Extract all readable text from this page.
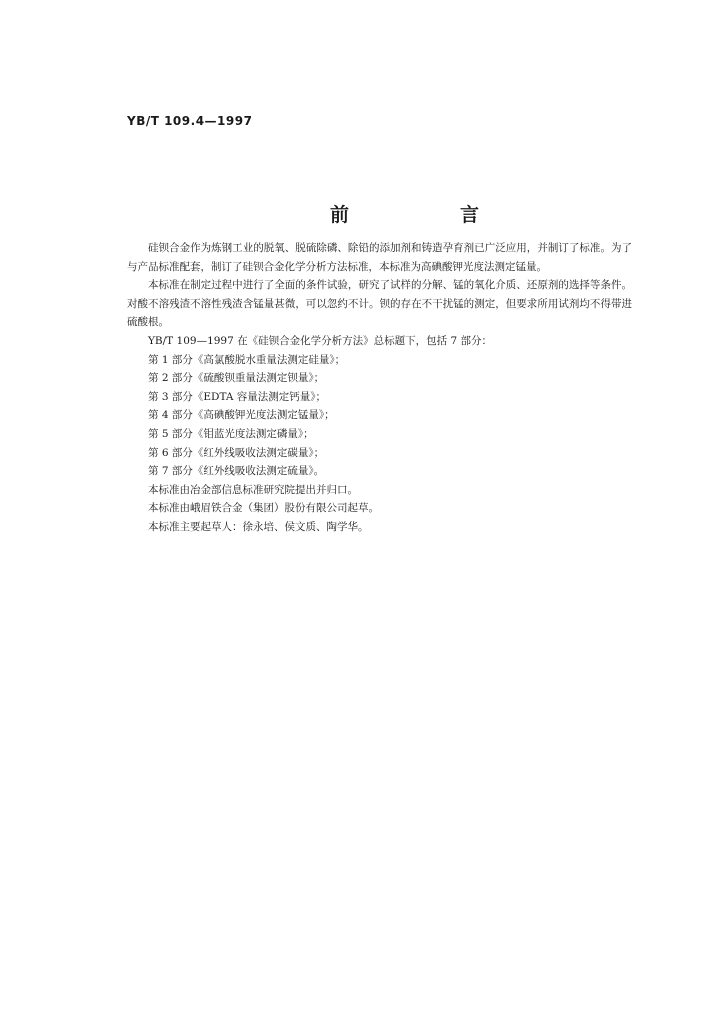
YB/T 109.4—1997
前　言

硅钡合金作为炼钢工业的脱氧、脱硫除磷、除铅的添加剂和铸造孕育剂已广泛应用，并制订了标准。为了与产品标准配套，制订了硅钡合金化学分析方法标准，本标准为高碘酸钾光度法测定锰量。

本标准在制定过程中进行了全面的条件试验，研究了试样的分解、锰的氧化介质、还原剂的选择等条件。对酸不溶残渣不溶性残渣含锰量甚微，可以忽约不计。钡的存在不干扰锰的测定，但要求所用试剂均不得带进硫酸根。

YB/T 109—1997 在《硅钡合金化学分析方法》总标题下，包括 7 部分：
第 1 部分《高氯酸脱水重量法测定硅量》；
第 2 部分《硫酸钡重量法测定钡量》；
第 3 部分《EDTA 容量法测定钙量》；
第 4 部分《高碘酸钾光度法测定锰量》；
第 5 部分《钼蓝光度法测定磷量》；
第 6 部分《红外线吸收法测定碳量》；
第 7 部分《红外线吸收法测定硫量》。
本标准由冶金部信息标准研究院提出并归口。
本标准由峨眉铁合金（集团）股份有限公司起草。
本标准主要起草人：徐永培、侯文质、陶学华。
